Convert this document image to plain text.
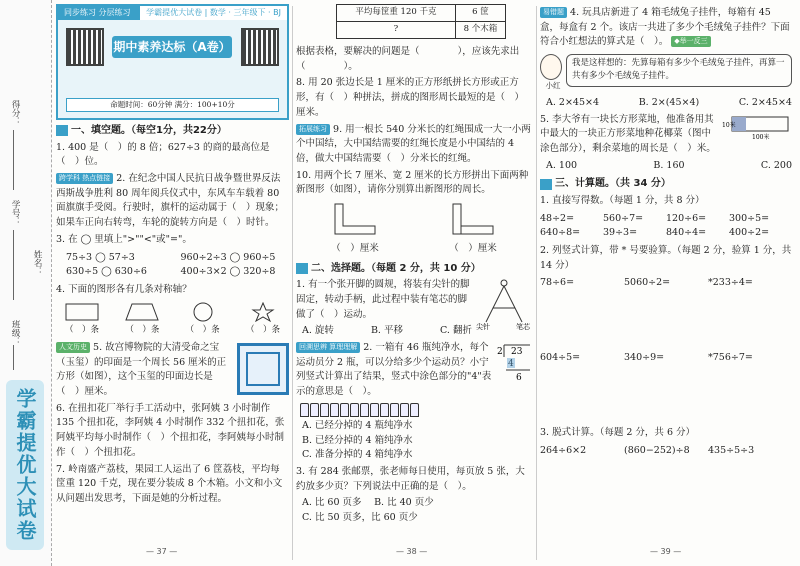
得分：
学号：
姓名：
班级：
学霸提优大试卷
同步练习 分层练习	学霸提优大试卷 | 数学 · 三年级下 · BJ
期中素养达标（A卷）
命题时间：60分钟 满分：100+10分
一、填空题。（每空1分，共22分）
1. 400 是（　）的 8 倍；627÷3 的商的最高位是（　）位。
跨学科 热点链接 2. 在纪念中国人民抗日战争暨世界反法西斯战争胜利 80 周年阅兵仪式中，东风车车载着 80 面旗旗手受阅。行驶时，旗杆的运动属于（　）现象；如果车正向右转弯，车轮的旋转方向是（　）时针。
3. 在 ◯ 里填上">""<"或"="。
75÷3 ◯ 57÷3	960÷2÷3 ◯ 960÷5
630÷5 ◯ 630÷6	400÷3×2 ◯ 320÷8
4. 下面的图形各有几条对称轴？
（　）条	（　）条	（　）条	（　）条
人文历史 5. 故宫博物院的大清受命之宝（玉玺）的印面是一个周长 56 厘米的正方形（如图），这个玉玺的印面边长是（　）厘米。
6. 在扭扣花厂举行手工活动中，张阿姨 3 小时制作 135 个扭扣花，李阿姨 4 小时制作 332 个扭扣花，张阿姨平均每小时制作（　）个扭扣花，李阿姨每小时制作（　）个扭扣花。
7. 岭南盛产荔枝，果园工人运出了 6 筐荔枝，平均每筐重 120 千克，现在要分装成 8 个木箱。小文和小文从问题出发思考，下面是她的分析过程。
— 37 —
平均每筐重 120 千克	6 筐
?	8 个木箱
根据表格，要解决的问题是（　　　　），应该先求出（　　　　）。
8. 用 20 张边长是 1 厘米的正方形纸拼长方形或正方形，有（　）种拼法，拼成的图形周长最短的是（　）厘米。
拓展练习 9. 用一根长 540 分米长的红绳围成一大一小两个中国结，大中国结需要的红绳长度是小中国结的 4 倍，做大中国结需要（　）分米长的红绳。
10. 用两个长 7 厘米、宽 2 厘米的长方形拼出下面两种新图形（如图），请你分别算出新图形的周长。
（　）厘米	（　）厘米
二、选择题。（每题 2 分，共 10 分）
尖针	笔芯
1. 有一个张开脚的圆规，将装有尖针的脚固定，转动手柄，此过程中装有笔芯的脚做了（　）运动。
A. 旋转	B. 平移	C. 翻折
23
2
6
回溯思辨 算理理解 2. 一箱有 46 瓶纯净水，每个运动员分 2 瓶，可以分给多少个运动员？小宁列竖式计算出了结果，竖式中涂色部分的"4"表示的意思是（　）。
A. 已经分掉的 4 瓶纯净水
B. 已经分掉的 4 箱纯净水
C. 准备分掉的 4 箱纯净水
3. 有 284 张邮票，张老师每日使用，每页放 5 张，大约放多少页？下列说法中正确的是（　）。
A. 比 60 页多　 B. 比 40 页少
C. 比 50 页多，比 60 页少
— 38 —
易错题 4. 玩具店新进了 4 箱毛绒兔子挂件，每箱有 45 盒，每盒有 2 个。该店一共进了多少个毛绒兔子挂件？下面符合小红想法的算式是（　）。 ◆举一反三
小红
我是这样想的：先算每箱有多少个毛绒兔子挂件，再算一共有多少个毛绒兔子挂件。
A. 2×45×4	B. 2×(45×4)	C. 2×45×4
10米
100米
5. 李大爷有一块长方形菜地，他准备用其中最大的一块正方形菜地种花椰菜（图中涂色部分），剩余菜地的周长是（　）米。
A. 100	B. 160	C. 200
三、计算题。（共 34 分）
1. 直接写得数。（每题 1 分，共 8 分）
48÷2=	560÷7=	120÷6=	300÷5=
640÷8=	39÷3=	840÷4=	400÷2=
2. 列竖式计算，带 * 号要验算。（每题 2 分，验算 1 分，共 14 分）
78÷6=	5060÷2=	*233÷4=
604÷5=	340÷9=	*756÷7=
3. 脱式计算。（每题 2 分，共 6 分）
264÷6×2	(860−252)÷8	435÷5÷3
— 39 —
